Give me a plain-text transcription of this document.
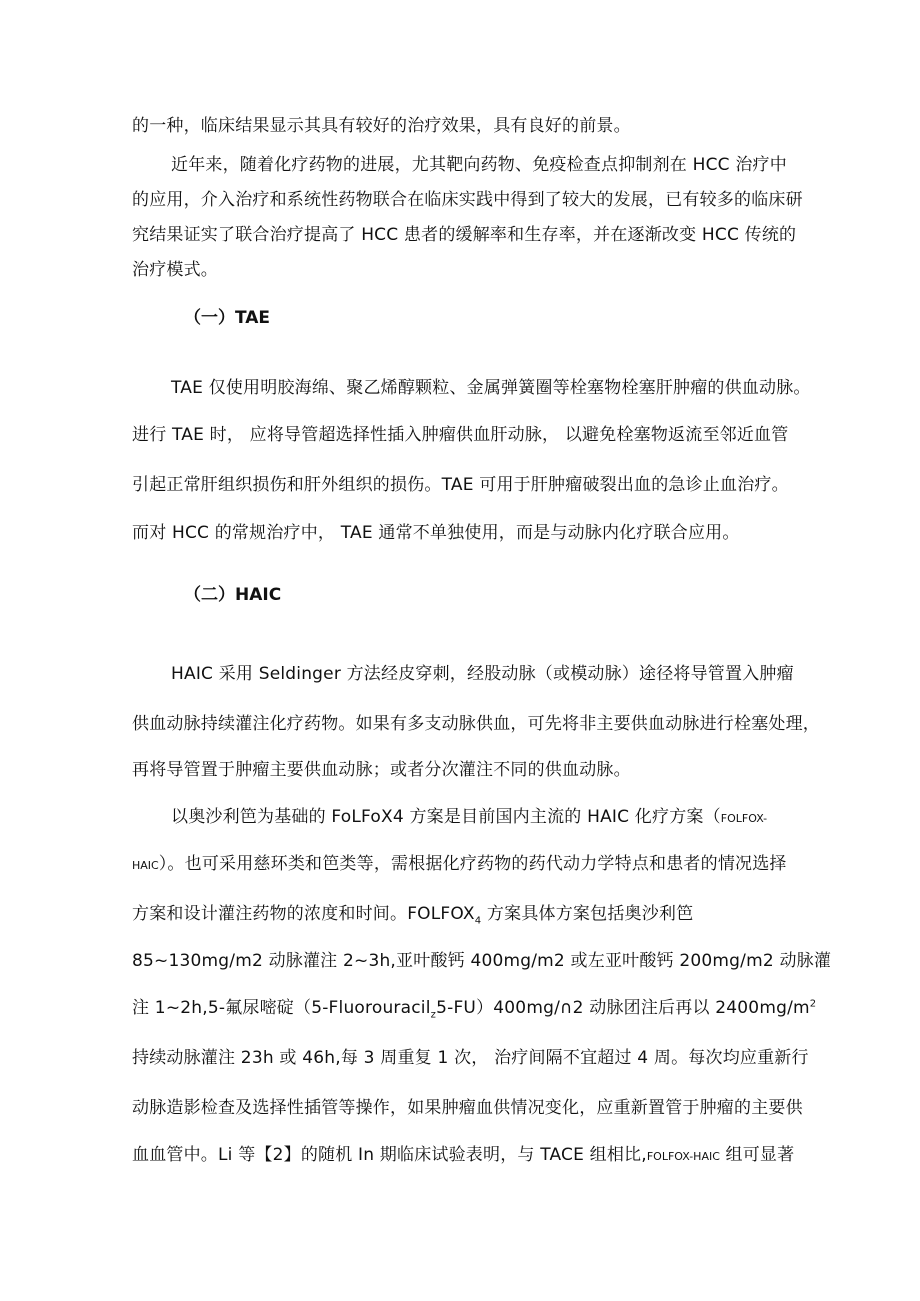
的一种，临床结果显示其具有较好的治疗效果，具有良好的前景。
近年来，随着化疗药物的进展，尤其靶向药物、免疫检查点抑制剂在 HCC 治疗中
的应用，介入治疗和系统性药物联合在临床实践中得到了较大的发展，已有较多的临床研
究结果证实了联合治疗提高了 HCC 患者的缓解率和生存率，并在逐渐改变 HCC 传统的
治疗模式。
（一）TAE
TAE 仅使用明胶海绵、聚乙烯醇颗粒、金属弹簧圈等栓塞物栓塞肝肿瘤的供血动脉。
进行 TAE 时， 应将导管超选择性插入肿瘤供血肝动脉， 以避免栓塞物返流至邻近血管
引起正常肝组织损伤和肝外组织的损伤。TAE 可用于肝肿瘤破裂出血的急诊止血治疗。
而对 HCC 的常规治疗中， TAE 通常不单独使用，而是与动脉内化疗联合应用。
（二）HAIC
HAIC 采用 Seldinger 方法经皮穿刺，经股动脉（或模动脉）途径将导管置入肿瘤
供血动脉持续灌注化疗药物。如果有多支动脉供血，可先将非主要供血动脉进行栓塞处理，
再将导管置于肿瘤主要供血动脉；或者分次灌注不同的供血动脉。
以奥沙利笆为基础的 FoLFoX4 方案是目前国内主流的 HAIC 化疗方案（FOLFOX-
HAIC）。也可采用慈环类和笆类等，需根据化疗药物的药代动力学特点和患者的情况选择
方案和设计灌注药物的浓度和时间。$FOLFOX_4$ 方案具体方案包括奥沙利笆
85~130mg/m2 动脉灌注 2~3h,亚叶酸钙 400mg/m2 或左亚叶酸钙 200mg/m2 动脉灌
注 1~2h,5-氟尿嘧碇（5-Fluorouracil$_z$5-FU）400mg/∩2 动脉团注后再以 $2400mg/m^2$
持续动脉灌注 23h 或 46h,每 3 周重复 1 次， 治疗间隔不宜超过 4 周。每次均应重新行
动脉造影检查及选择性插管等操作，如果肿瘤血供情况变化，应重新置管于肿瘤的主要供
血血管中。Li 等【2】的随机 In 期临床试验表明，与 TACE 组相比,FOLFOX-HAIC 组可显著
